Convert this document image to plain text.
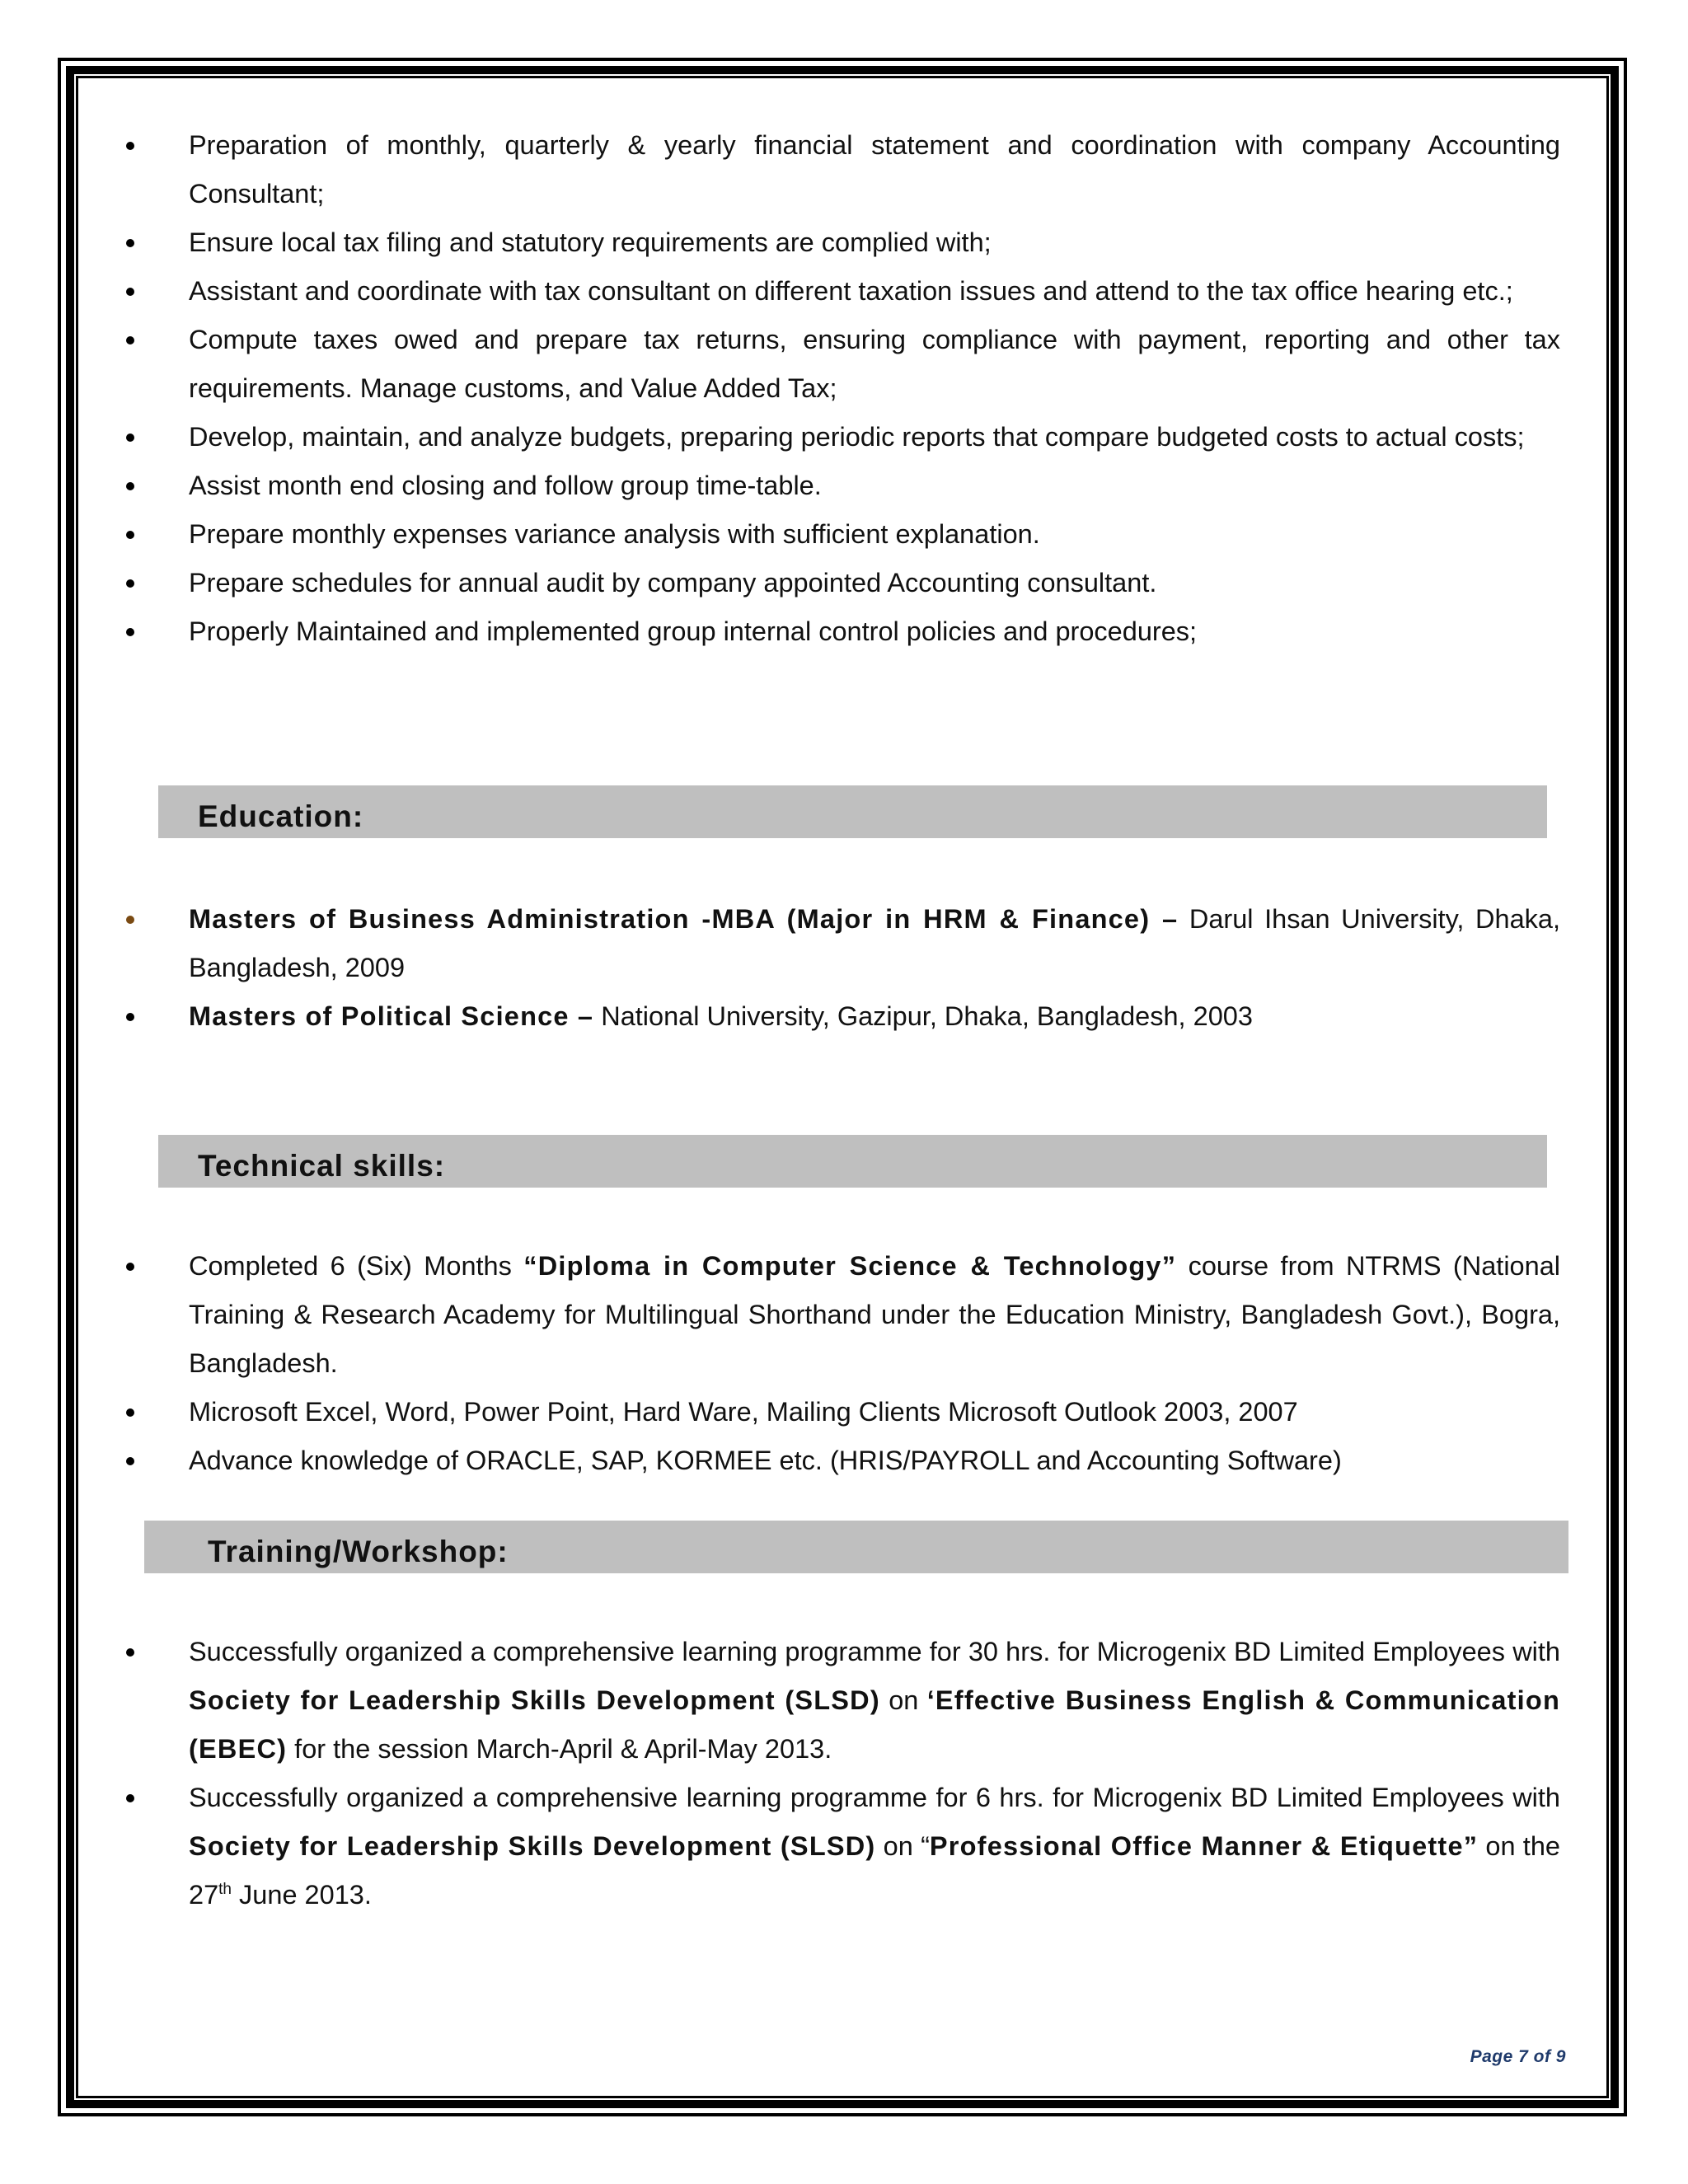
Preparation of monthly, quarterly & yearly financial statement and coordination with company Accounting Consultant;
Ensure local tax filing and statutory requirements are complied with;
Assistant and coordinate with tax consultant on different taxation issues and attend to the tax office hearing etc.;
Compute taxes owed and prepare tax returns, ensuring compliance with payment, reporting and other tax requirements. Manage customs, and Value Added Tax;
Develop, maintain, and analyze budgets, preparing periodic reports that compare budgeted costs to actual costs;
Assist month end closing and follow group time-table.
Prepare monthly expenses variance analysis with sufficient explanation.
Prepare schedules for annual audit by company appointed Accounting consultant.
Properly Maintained and implemented group internal control policies and procedures;
Education:
Masters of Business Administration -MBA (Major in HRM & Finance) – Darul Ihsan University, Dhaka, Bangladesh, 2009
Masters of Political Science – National University, Gazipur, Dhaka, Bangladesh, 2003
Technical skills:
Completed 6 (Six) Months “Diploma in Computer Science & Technology” course from NTRMS (National Training & Research Academy for Multilingual Shorthand under the Education Ministry, Bangladesh Govt.), Bogra, Bangladesh.
Microsoft Excel, Word, Power Point, Hard Ware, Mailing Clients Microsoft Outlook 2003, 2007
Advance knowledge of ORACLE, SAP, KORMEE etc. (HRIS/PAYROLL and Accounting Software)
Training/Workshop:
Successfully organized a comprehensive learning programme for 30 hrs. for Microgenix BD Limited Employees with Society for Leadership Skills Development (SLSD) on ‘Effective Business English & Communication (EBEC) for the session March-April & April-May 2013.
Successfully organized a comprehensive learning programme for 6 hrs. for Microgenix BD Limited Employees with Society for Leadership Skills Development (SLSD) on “Professional Office Manner & Etiquette” on the 27th June 2013.
Page 7 of 9
